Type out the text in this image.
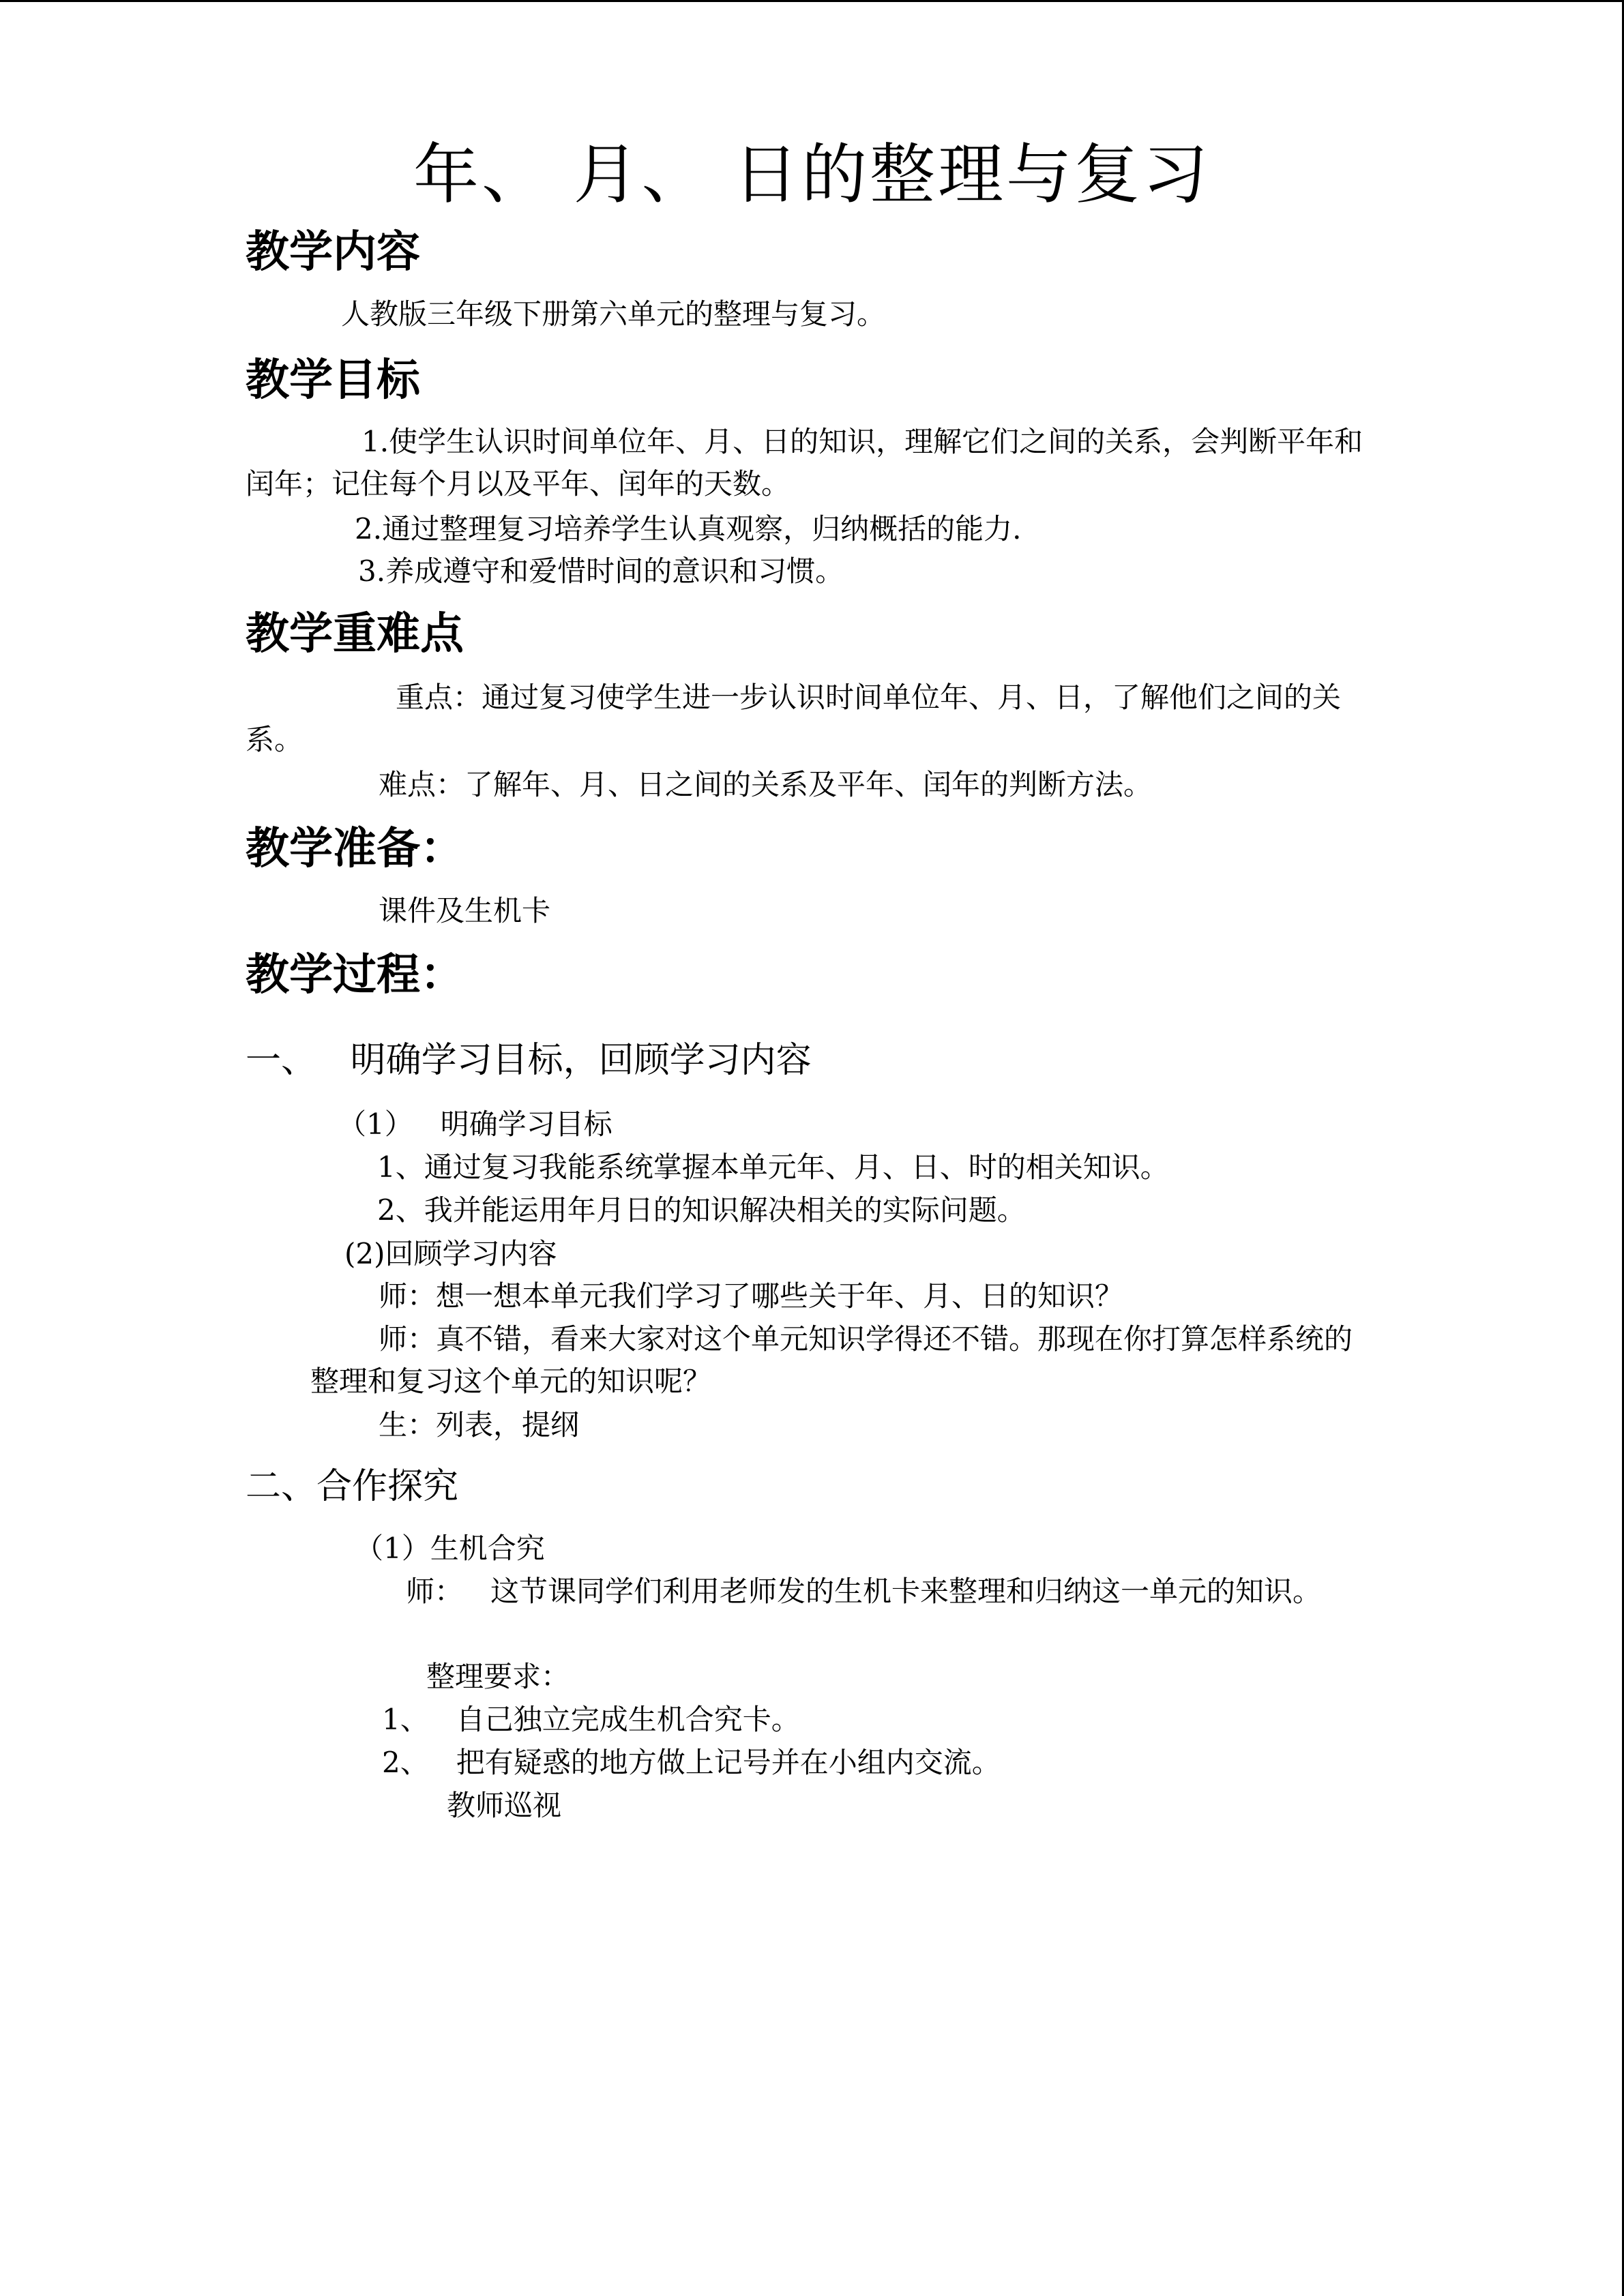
年、 月、 日的整理与复习
教学内容

人教版三年级下册第六单元的整理与复习。

教学目标

1.使学生认识时间单位年、月、日的知识，理解它们之间的关系，会判断平年和闰年；记住每个月以及平年、闰年的天数。

2.通过整理复习培养学生认真观察，归纳概括的能力.

3.养成遵守和爱惜时间的意识和习惯。

教学重难点

重点：通过复习使学生进一步认识时间单位年、月、日，了解他们之间的关系。

难点：了解年、月、日之间的关系及平年、闰年的判断方法。

教学准备：

课件及生机卡

教学过程：
一、   明确学习目标，回顾学习内容

（1）   明确学习目标

1、通过复习我能系统掌握本单元年、月、日、时的相关知识。

2、我并能运用年月日的知识解决相关的实际问题。

(2)回顾学习内容

师：想一想本单元我们学习了哪些关于年、月、日的知识？

师：真不错，看来大家对这个单元知识学得还不错。那现在你打算怎样系统的整理和复习这个单元的知识呢？

生：列表，提纲

二、合作探究

（1）生机合究

师：   这节课同学们利用老师发的生机卡来整理和归纳这一单元的知识。

整理要求：

1、   自己独立完成生机合究卡。

2、   把有疑惑的地方做上记号并在小组内交流。

教师巡视
